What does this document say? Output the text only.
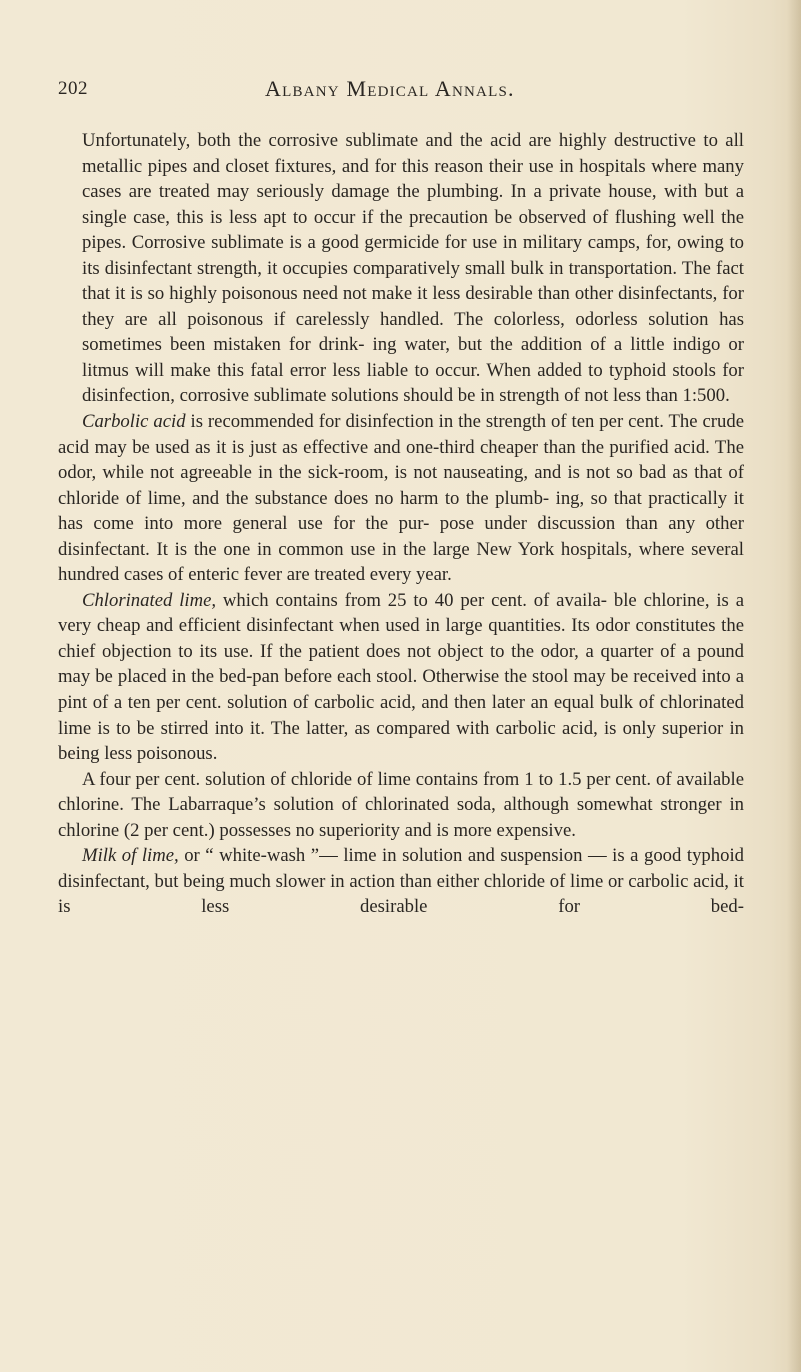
202	Albany Medical Annals.

Unfortunately, both the corrosive sublimate and the acid are highly destructive to all metallic pipes and closet fixtures, and for this reason their use in hospitals where many cases are treated may seriously damage the plumbing. In a private house, with but a single case, this is less apt to occur if the precaution be observed of flushing well the pipes. Corrosive sublimate is a good germicide for use in military camps, for, owing to its disinfectant strength, it occupies comparatively small bulk in transportation. The fact that it is so highly poisonous need not make it less desirable than other disinfectants, for they are all poisonous if carelessly handled. The colorless, odorless solution has sometimes been mistaken for drink- ing water, but the addition of a little indigo or litmus will make this fatal error less liable to occur. When added to typhoid stools for disinfection, corrosive sublimate solutions should be in strength of not less than 1:500.

Carbolic acid is recommended for disinfection in the strength of ten per cent. The crude acid may be used as it is just as effective and one-third cheaper than the purified acid. The odor, while not agreeable in the sick-room, is not nauseating, and is not so bad as that of chloride of lime, and the substance does no harm to the plumb- ing, so that practically it has come into more general use for the pur- pose under discussion than any other disinfectant. It is the one in common use in the large New York hospitals, where several hundred cases of enteric fever are treated every year.

Chlorinated lime, which contains from 25 to 40 per cent. of availa- ble chlorine, is a very cheap and efficient disinfectant when used in large quantities. Its odor constitutes the chief objection to its use. If the patient does not object to the odor, a quarter of a pound may be placed in the bed-pan before each stool. Otherwise the stool may be received into a pint of a ten per cent. solution of carbolic acid, and then later an equal bulk of chlorinated lime is to be stirred into it. The latter, as compared with carbolic acid, is only superior in being less poisonous.

A four per cent. solution of chloride of lime contains from 1 to 1.5 per cent. of available chlorine. The Labarraque’s solution of chlorinated soda, although somewhat stronger in chlorine (2 per cent.) possesses no superiority and is more expensive.

Milk of lime, or “ white-wash ”— lime in solution and suspension — is a good typhoid disinfectant, but being much slower in action than either chloride of lime or carbolic acid, it is less desirable for bed-
